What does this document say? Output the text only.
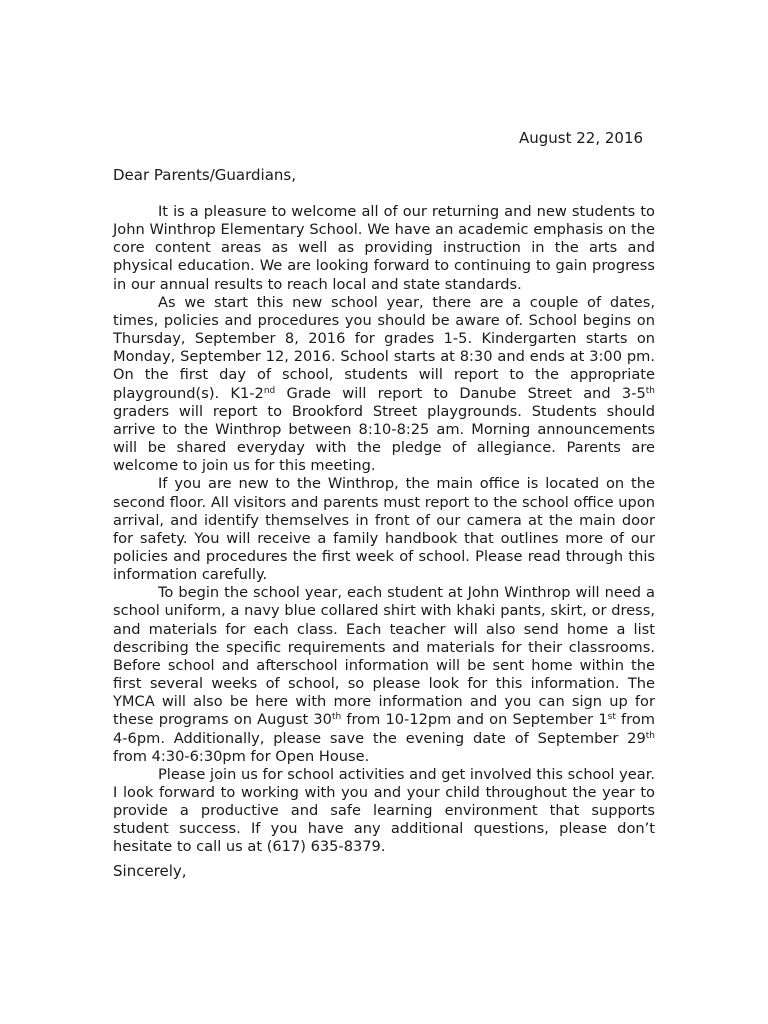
August 22, 2016
Dear Parents/Guardians,

It is a pleasure to welcome all of our returning and new students to John Winthrop Elementary School. We have an academic emphasis on the core content areas as well as providing instruction in the arts and physical education. We are looking forward to continuing to gain progress in our annual results to reach local and state standards.

As we start this new school year, there are a couple of dates, times, policies and procedures you should be aware of. School begins on Thursday, September 8, 2016 for grades 1-5. Kindergarten starts on Monday, September 12, 2016. School starts at 8:30 and ends at 3:00 pm. On the first day of school, students will report to the appropriate playground(s). K1-2nd Grade will report to Danube Street and 3-5th graders will report to Brookford Street playgrounds. Students should arrive to the Winthrop between 8:10-8:25 am. Morning announcements will be shared everyday with the pledge of allegiance. Parents are welcome to join us for this meeting.

If you are new to the Winthrop, the main office is located on the second floor. All visitors and parents must report to the school office upon arrival, and identify themselves in front of our camera at the main door for safety. You will receive a family handbook that outlines more of our policies and procedures the first week of school. Please read through this information carefully.

To begin the school year, each student at John Winthrop will need a school uniform, a navy blue collared shirt with khaki pants, skirt, or dress, and materials for each class. Each teacher will also send home a list describing the specific requirements and materials for their classrooms. Before school and afterschool information will be sent home within the first several weeks of school, so please look for this information. The YMCA will also be here with more information and you can sign up for these programs on August 30th from 10-12pm and on September 1st from 4-6pm. Additionally, please save the evening date of September 29th from 4:30-6:30pm for Open House.

Please join us for school activities and get involved this school year. I look forward to working with you and your child throughout the year to provide a productive and safe learning environment that supports student success. If you have any additional questions, please don’t hesitate to call us at (617) 635-8379.

Sincerely,
